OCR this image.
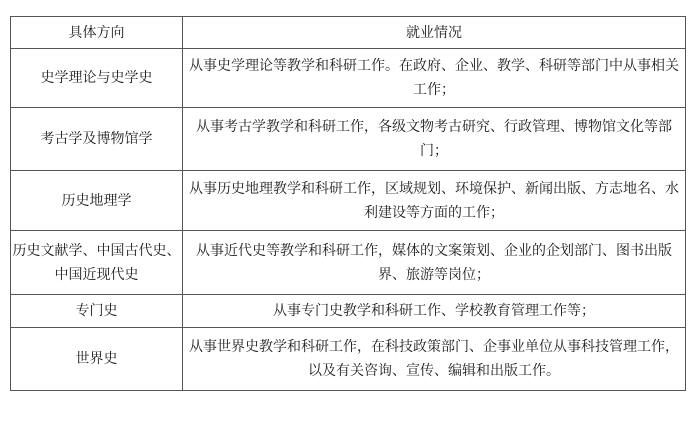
具体方向	就业情况
史学理论与史学史	从事史学理论等教学和科研工作。在政府、企业、教学、科研等部门中从事相关工作；
考古学及博物馆学	从事考古学教学和科研工作，各级文物考古研究、行政管理、博物馆文化等部门；
历史地理学	从事历史地理教学和科研工作，区域规划、环境保护、新闻出版、方志地名、水利建设等方面的工作；
历史文献学、中国古代史、中国近现代史	从事近代史等教学和科研工作，媒体的文案策划、企业的企划部门、图书出版界、旅游等岗位；
专门史	从事专门史教学和科研工作、学校教育管理工作等；
世界史	从事世界史教学和科研工作，在科技政策部门、企事业单位从事科技管理工作，以及有关咨询、宣传、编辑和出版工作。
